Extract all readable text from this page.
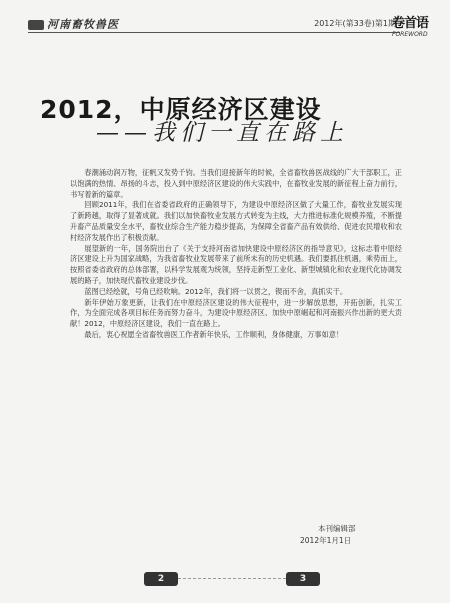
河南畜牧兽医	2012年(第33卷)第1期
卷首语
FOREWORD
2012，中原经济区建设
——我们一直在路上

春潮涌动润万物，征帆又发势千钧。当我们迎接新年的时候，全省畜牧兽医战线的广大干部职工，正以饱满的热情、昂扬的斗志，投入到中原经济区建设的伟大实践中，在畜牧业发展的新征程上奋力前行，书写着新的篇章。

回顾2011年，我们在省委省政府的正确领导下，为建设中原经济区做了大量工作，畜牧业发展实现了新跨越，取得了显著成就。我们以加快畜牧业发展方式转变为主线，大力推进标准化规模养殖，不断提升畜产品质量安全水平，畜牧业综合生产能力稳步提高，为保障全省畜产品有效供给、促进农民增收和农村经济发展作出了积极贡献。

展望新的一年，国务院出台了《关于支持河南省加快建设中原经济区的指导意见》，这标志着中原经济区建设上升为国家战略，为我省畜牧业发展带来了前所未有的历史机遇。我们要抓住机遇，乘势而上，按照省委省政府的总体部署，以科学发展观为统领，坚持走新型工业化、新型城镇化和农业现代化协调发展的路子，加快现代畜牧业建设步伐。

蓝图已经绘就，号角已经吹响。2012年，我们将一以贯之，锲而不舍，真抓实干。

新年伊始万象更新，让我们在中原经济区建设的伟大征程中，进一步解放思想，开拓创新，扎实工作，为全面完成各项目标任务而努力奋斗，为建设中原经济区、加快中原崛起和河南振兴作出新的更大贡献！2012，中原经济区建设，我们一直在路上。

最后，衷心祝愿全省畜牧兽医工作者新年快乐，工作顺利，身体健康，万事如意！

本刊编辑部
2012年1月1日
2	3
